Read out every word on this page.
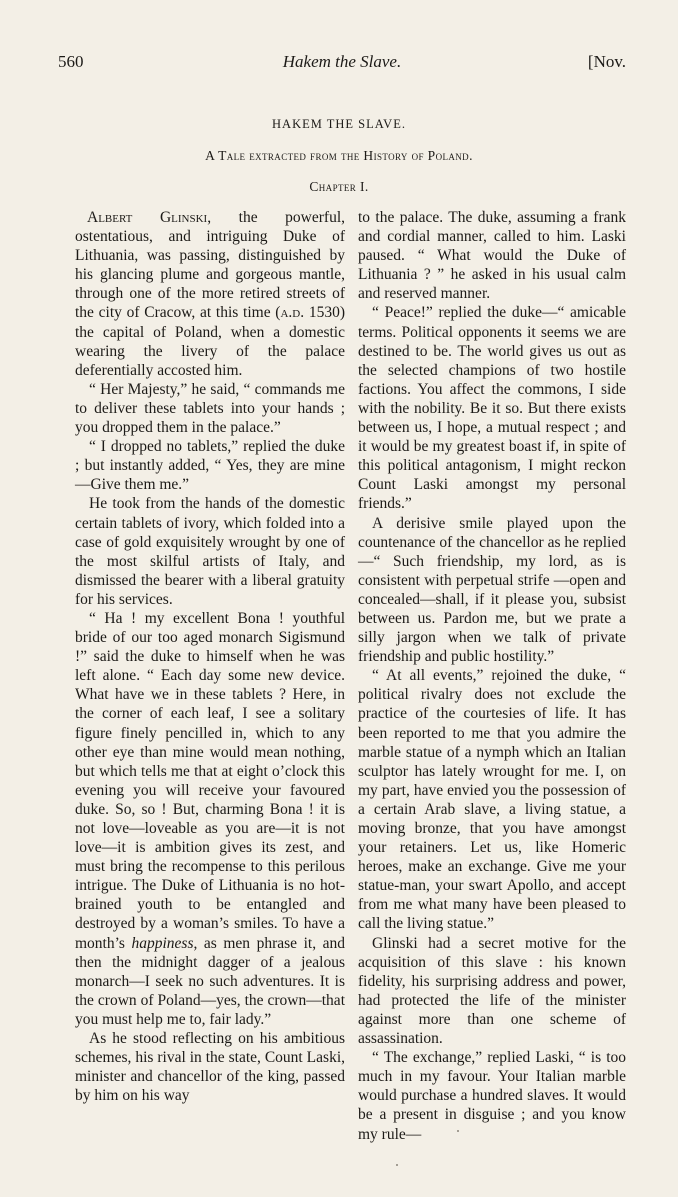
560	Hakem the Slave.	[Nov.
HAKEM THE SLAVE.
A Tale extracted from the History of Poland.
Chapter I.

Albert Glinski, the powerful, ostentatious, and intriguing Duke of Lithuania, was passing, distinguished by his glancing plume and gorgeous mantle, through one of the more retired streets of the city of Cracow, at this time (a.d. 1530) the capital of Poland, when a domestic wearing the livery of the palace deferentially accosted him.

“ Her Majesty,” he said, “ commands me to deliver these tablets into your hands ; you dropped them in the palace.”

“ I dropped no tablets,” replied the duke ; but instantly added, “ Yes, they are mine—Give them me.”

He took from the hands of the domestic certain tablets of ivory, which folded into a case of gold exquisitely wrought by one of the most skilful artists of Italy, and dismissed the bearer with a liberal gratuity for his services.

“ Ha ! my excellent Bona ! youthful bride of our too aged monarch Sigismund !” said the duke to himself when he was left alone. “ Each day some new device. What have we in these tablets ? Here, in the corner of each leaf, I see a solitary figure finely pencilled in, which to any other eye than mine would mean nothing, but which tells me that at eight o’clock this evening you will receive your favoured duke. So, so ! But, charming Bona ! it is not love—loveable as you are—it is not love—it is ambition gives its zest, and must bring the recompense to this perilous intrigue. The Duke of Lithuania is no hot-brained youth to be entangled and destroyed by a woman’s smiles. To have a month’s happiness, as men phrase it, and then the midnight dagger of a jealous monarch—I seek no such adventures. It is the crown of Poland—yes, the crown—that you must help me to, fair lady.”

As he stood reflecting on his ambitious schemes, his rival in the state, Count Laski, minister and chancellor of the king, passed by him on his way

to the palace. The duke, assuming a frank and cordial manner, called to him. Laski paused. “ What would the Duke of Lithuania ? ” he asked in his usual calm and reserved manner.

“ Peace!” replied the duke—“ amicable terms. Political opponents it seems we are destined to be. The world gives us out as the selected champions of two hostile factions. You affect the commons, I side with the nobility. Be it so. But there exists between us, I hope, a mutual respect ; and it would be my greatest boast if, in spite of this political antagonism, I might reckon Count Laski amongst my personal friends.”

A derisive smile played upon the countenance of the chancellor as he replied—“ Such friendship, my lord, as is consistent with perpetual strife —open and concealed—shall, if it please you, subsist between us. Pardon me, but we prate a silly jargon when we talk of private friendship and public hostility.”

“ At all events,” rejoined the duke, “ political rivalry does not exclude the practice of the courtesies of life. It has been reported to me that you admire the marble statue of a nymph which an Italian sculptor has lately wrought for me. I, on my part, have envied you the possession of a certain Arab slave, a living statue, a moving bronze, that you have amongst your retainers. Let us, like Homeric heroes, make an exchange. Give me your statue-man, your swart Apollo, and accept from me what many have been pleased to call the living statue.”

Glinski had a secret motive for the acquisition of this slave : his known fidelity, his surprising address and power, had protected the life of the minister against more than one scheme of assassination.

“ The exchange,” replied Laski, “ is too much in my favour. Your Italian marble would purchase a hundred slaves. It would be a present in disguise ; and you know my rule—
